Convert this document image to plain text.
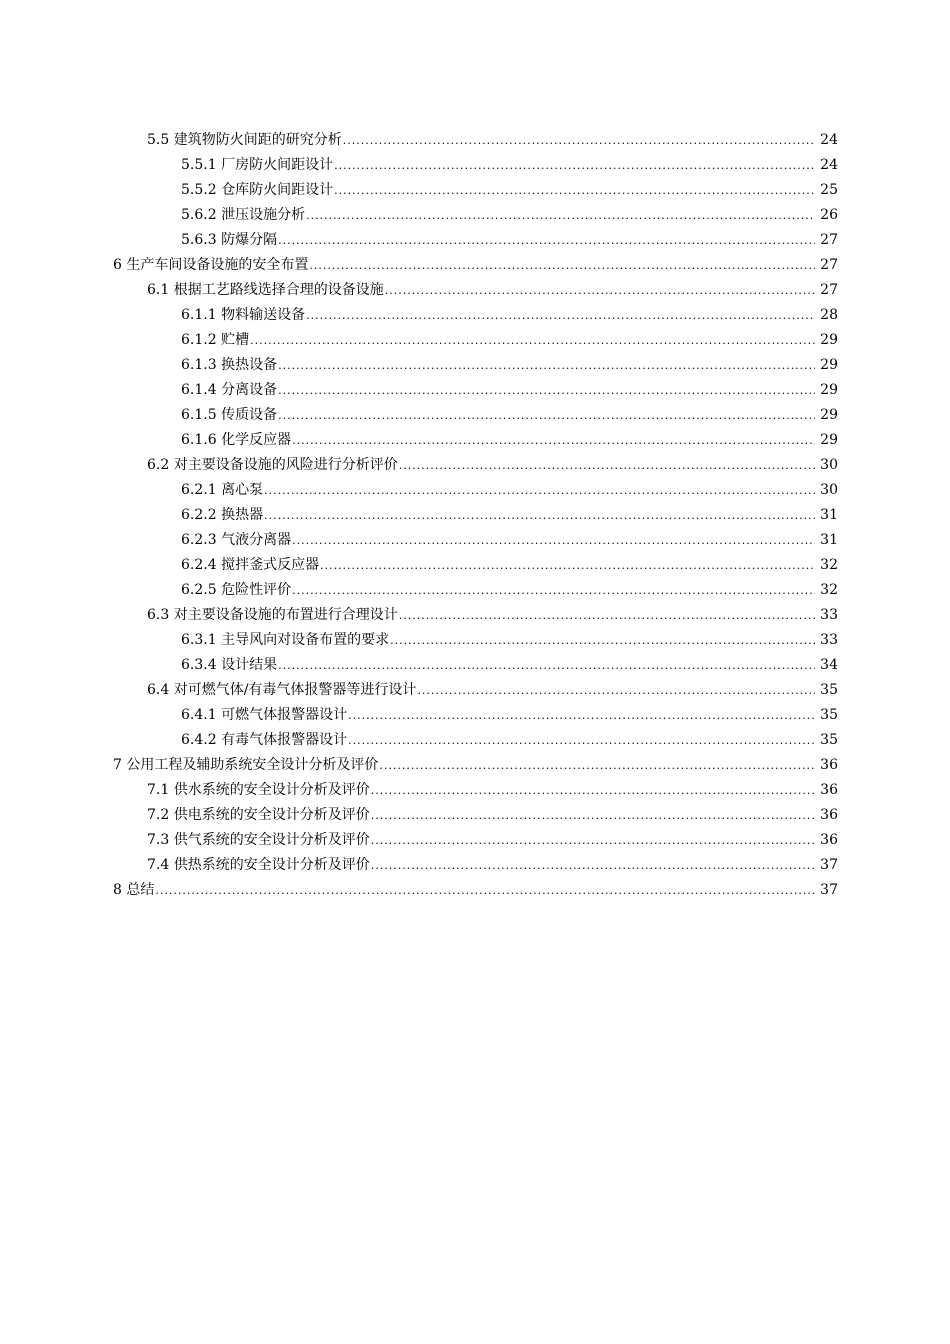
5.5 建筑物防火间距的研究分析 .....	24
5.5.1 厂房防火间距设计 .....	24
5.5.2 仓库防火间距设计 .....	25
5.6.2 泄压设施分析 .....	26
5.6.3 防爆分隔 .....	27
6 生产车间设备设施的安全布置 .....	27
6.1 根据工艺路线选择合理的设备设施 .....	27
6.1.1 物料输送设备 .....	28
6.1.2 贮槽 .....	29
6.1.3 换热设备 .....	29
6.1.4 分离设备 .....	29
6.1.5 传质设备 .....	29
6.1.6 化学反应器 .....	29
6.2 对主要设备设施的风险进行分析评价 .....	30
6.2.1 离心泵 .....	30
6.2.2 换热器 .....	31
6.2.3 气液分离器 .....	31
6.2.4 搅拌釜式反应器 .....	32
6.2.5 危险性评价 .....	32
6.3 对主要设备设施的布置进行合理设计 .....	33
6.3.1 主导风向对设备布置的要求 .....	33
6.3.4 设计结果 .....	34
6.4 对可燃气体/有毒气体报警器等进行设计 .....	35
6.4.1 可燃气体报警器设计 .....	35
6.4.2 有毒气体报警器设计 .....	35
7 公用工程及辅助系统安全设计分析及评价 .....	36
7.1 供水系统的安全设计分析及评价 .....	36
7.2 供电系统的安全设计分析及评价 .....	36
7.3 供气系统的安全设计分析及评价 .....	36
7.4 供热系统的安全设计分析及评价 .....	37
8 总结 .....	37
